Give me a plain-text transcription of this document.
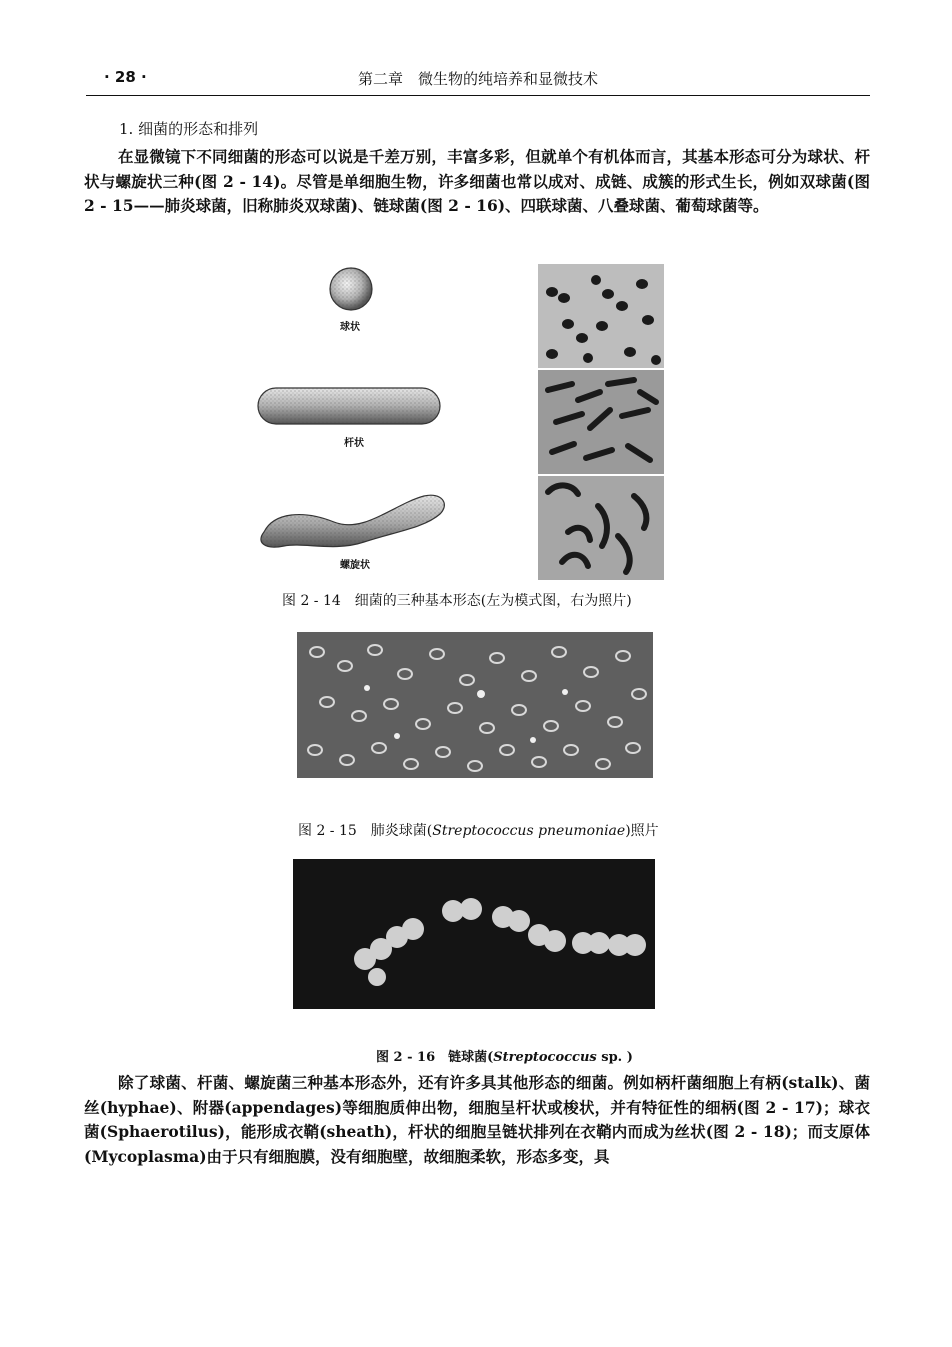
· 28 ·	第二章　微生物的纯培养和显微技术
1. 细菌的形态和排列

在显微镜下不同细菌的形态可以说是千差万别，丰富多彩，但就单个有机体而言，其基本形态可分为球状、杆状与螺旋状三种(图 2 - 14)。尽管是单细胞生物，许多细菌也常以成对、成链、成簇的形式生长，例如双球菌(图 2 - 15——肺炎球菌，旧称肺炎双球菌)、链球菌(图 2 - 16)、四联球菌、八叠球菌、葡萄球菌等。

球状
杆状
螺旋状
图 2 - 14　细菌的三种基本形态(左为模式图，右为照片)
图 2 - 15　肺炎球菌(Streptococcus pneumoniae)照片
图 2 - 16　链球菌(Streptococcus sp. )

除了球菌、杆菌、螺旋菌三种基本形态外，还有许多具其他形态的细菌。例如柄杆菌细胞上有柄(stalk)、菌丝(hyphae)、附器(appendages)等细胞质伸出物，细胞呈杆状或梭状，并有特征性的细柄(图 2 - 17)；球衣菌(Sphaerotilus)，能形成衣鞘(sheath)，杆状的细胞呈链状排列在衣鞘内而成为丝状(图 2 - 18)；而支原体(Mycoplasma)由于只有细胞膜，没有细胞壁，故细胞柔软，形态多变，具
